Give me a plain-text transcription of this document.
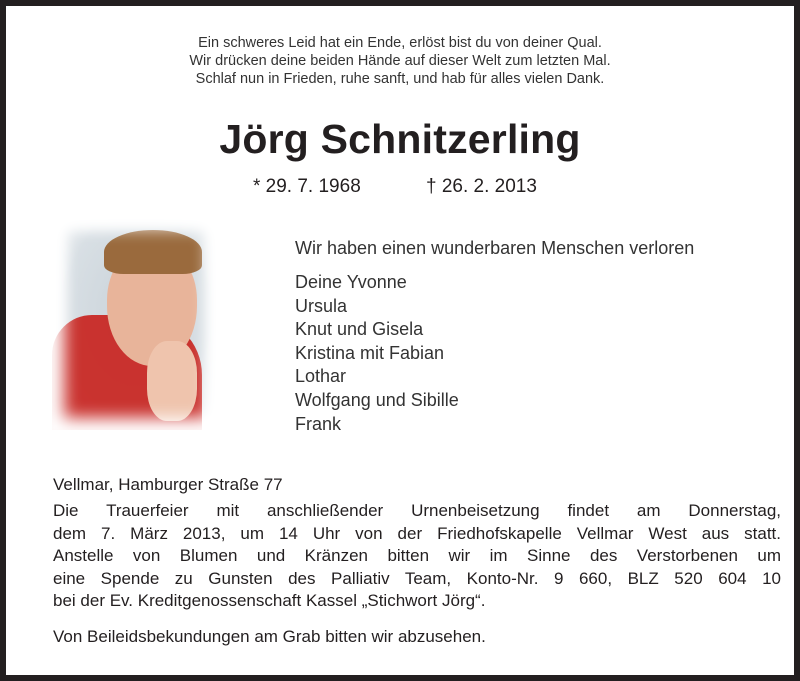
Ein schweres Leid hat ein Ende, erlöst bist du von deiner Qual.
Wir drücken deine beiden Hände auf dieser Welt zum letzten Mal.
Schlaf nun in Frieden, ruhe sanft, und hab für alles vielen Dank.
Jörg Schnitzerling
* 29. 7. 1968	† 26. 2. 2013
Wir haben einen wunderbaren Menschen verloren
Deine Yvonne
Ursula
Knut und Gisela
Kristina mit Fabian
Lothar
Wolfgang und Sibille
Frank
Vellmar, Hamburger Straße 77
Die Trauerfeier mit anschließender Urnenbeisetzung findet am Donnerstag,
dem 7. März 2013, um 14 Uhr von der Friedhofskapelle Vellmar West aus statt.
Anstelle von Blumen und Kränzen bitten wir im Sinne des Verstorbenen um
eine Spende zu Gunsten des Palliativ Team, Konto-Nr. 9 660, BLZ 520 604 10
bei der Ev. Kreditgenossenschaft Kassel „Stichwort Jörg“.
Von Beileidsbekundungen am Grab bitten wir abzusehen.
